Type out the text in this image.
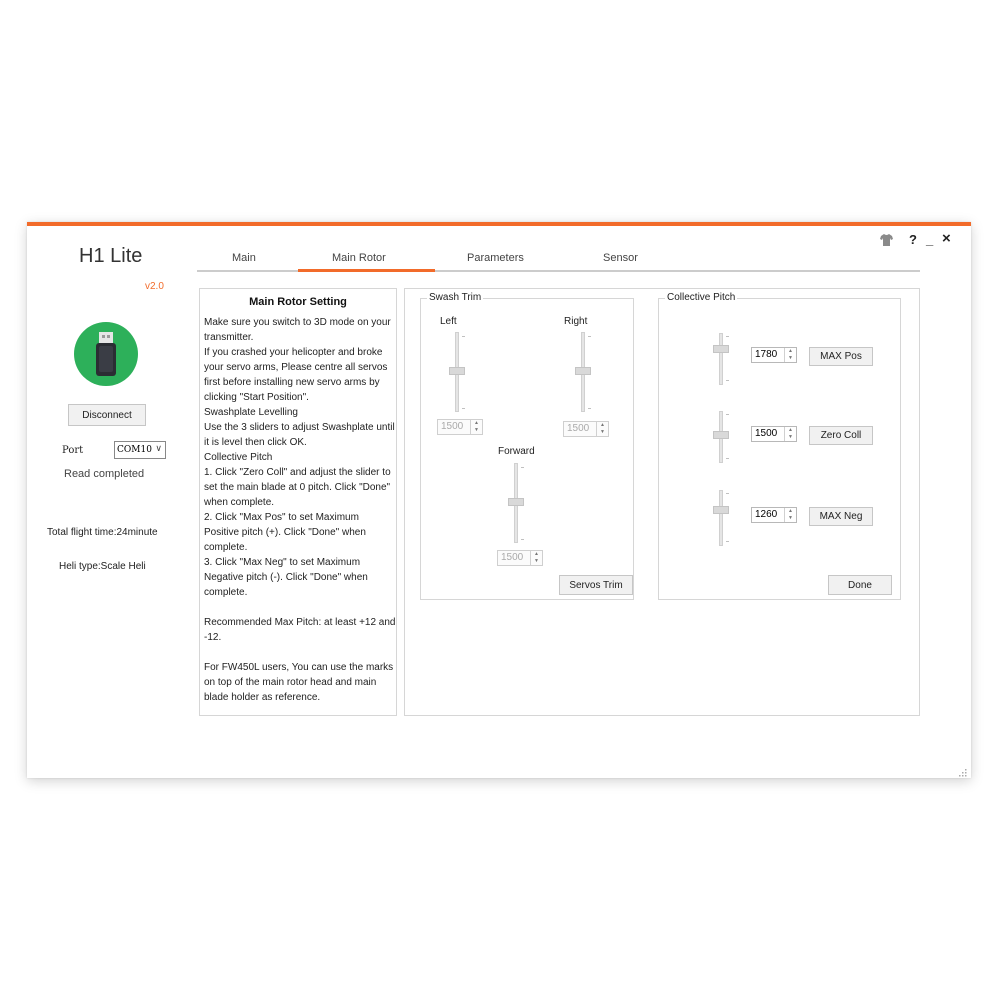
? _ ×
H1 Lite
v2.0
Disconnect
Port	COM10 ∨
Read completed
Total flight time:24minute
Heli type:Scale Heli
Main	Main Rotor	Parameters	Sensor
Main Rotor Setting
Make sure you switch to 3D mode on your transmitter.
If you crashed your helicopter and broke your servo arms, Please centre all servos first before installing new servo arms by clicking "Start Position".
Swashplate Levelling
Use the 3 sliders to adjust Swashplate until it is level then click OK.
Collective Pitch
1. Click "Zero Coll" and adjust the slider to set the main blade at 0 pitch. Click "Done" when complete.
2. Click "Max Pos" to set Maximum Positive pitch (+). Click "Done" when complete.
3. Click "Max Neg" to set Maximum Negative pitch (-). Click "Done" when complete.

Recommended Max Pitch: at least +12 and -12.

For FW450L users, You can use the marks on top of the main rotor head and main blade holder as reference.
Swash Trim
Left
1500	▲
▼
Right
1500	▲
▼
Forward
1500	▲
▼
Servos Trim
Collective Pitch
1780	▲
▼	MAX Pos
1500	▲
▼	Zero Coll
1260	▲
▼	MAX Neg
Done
